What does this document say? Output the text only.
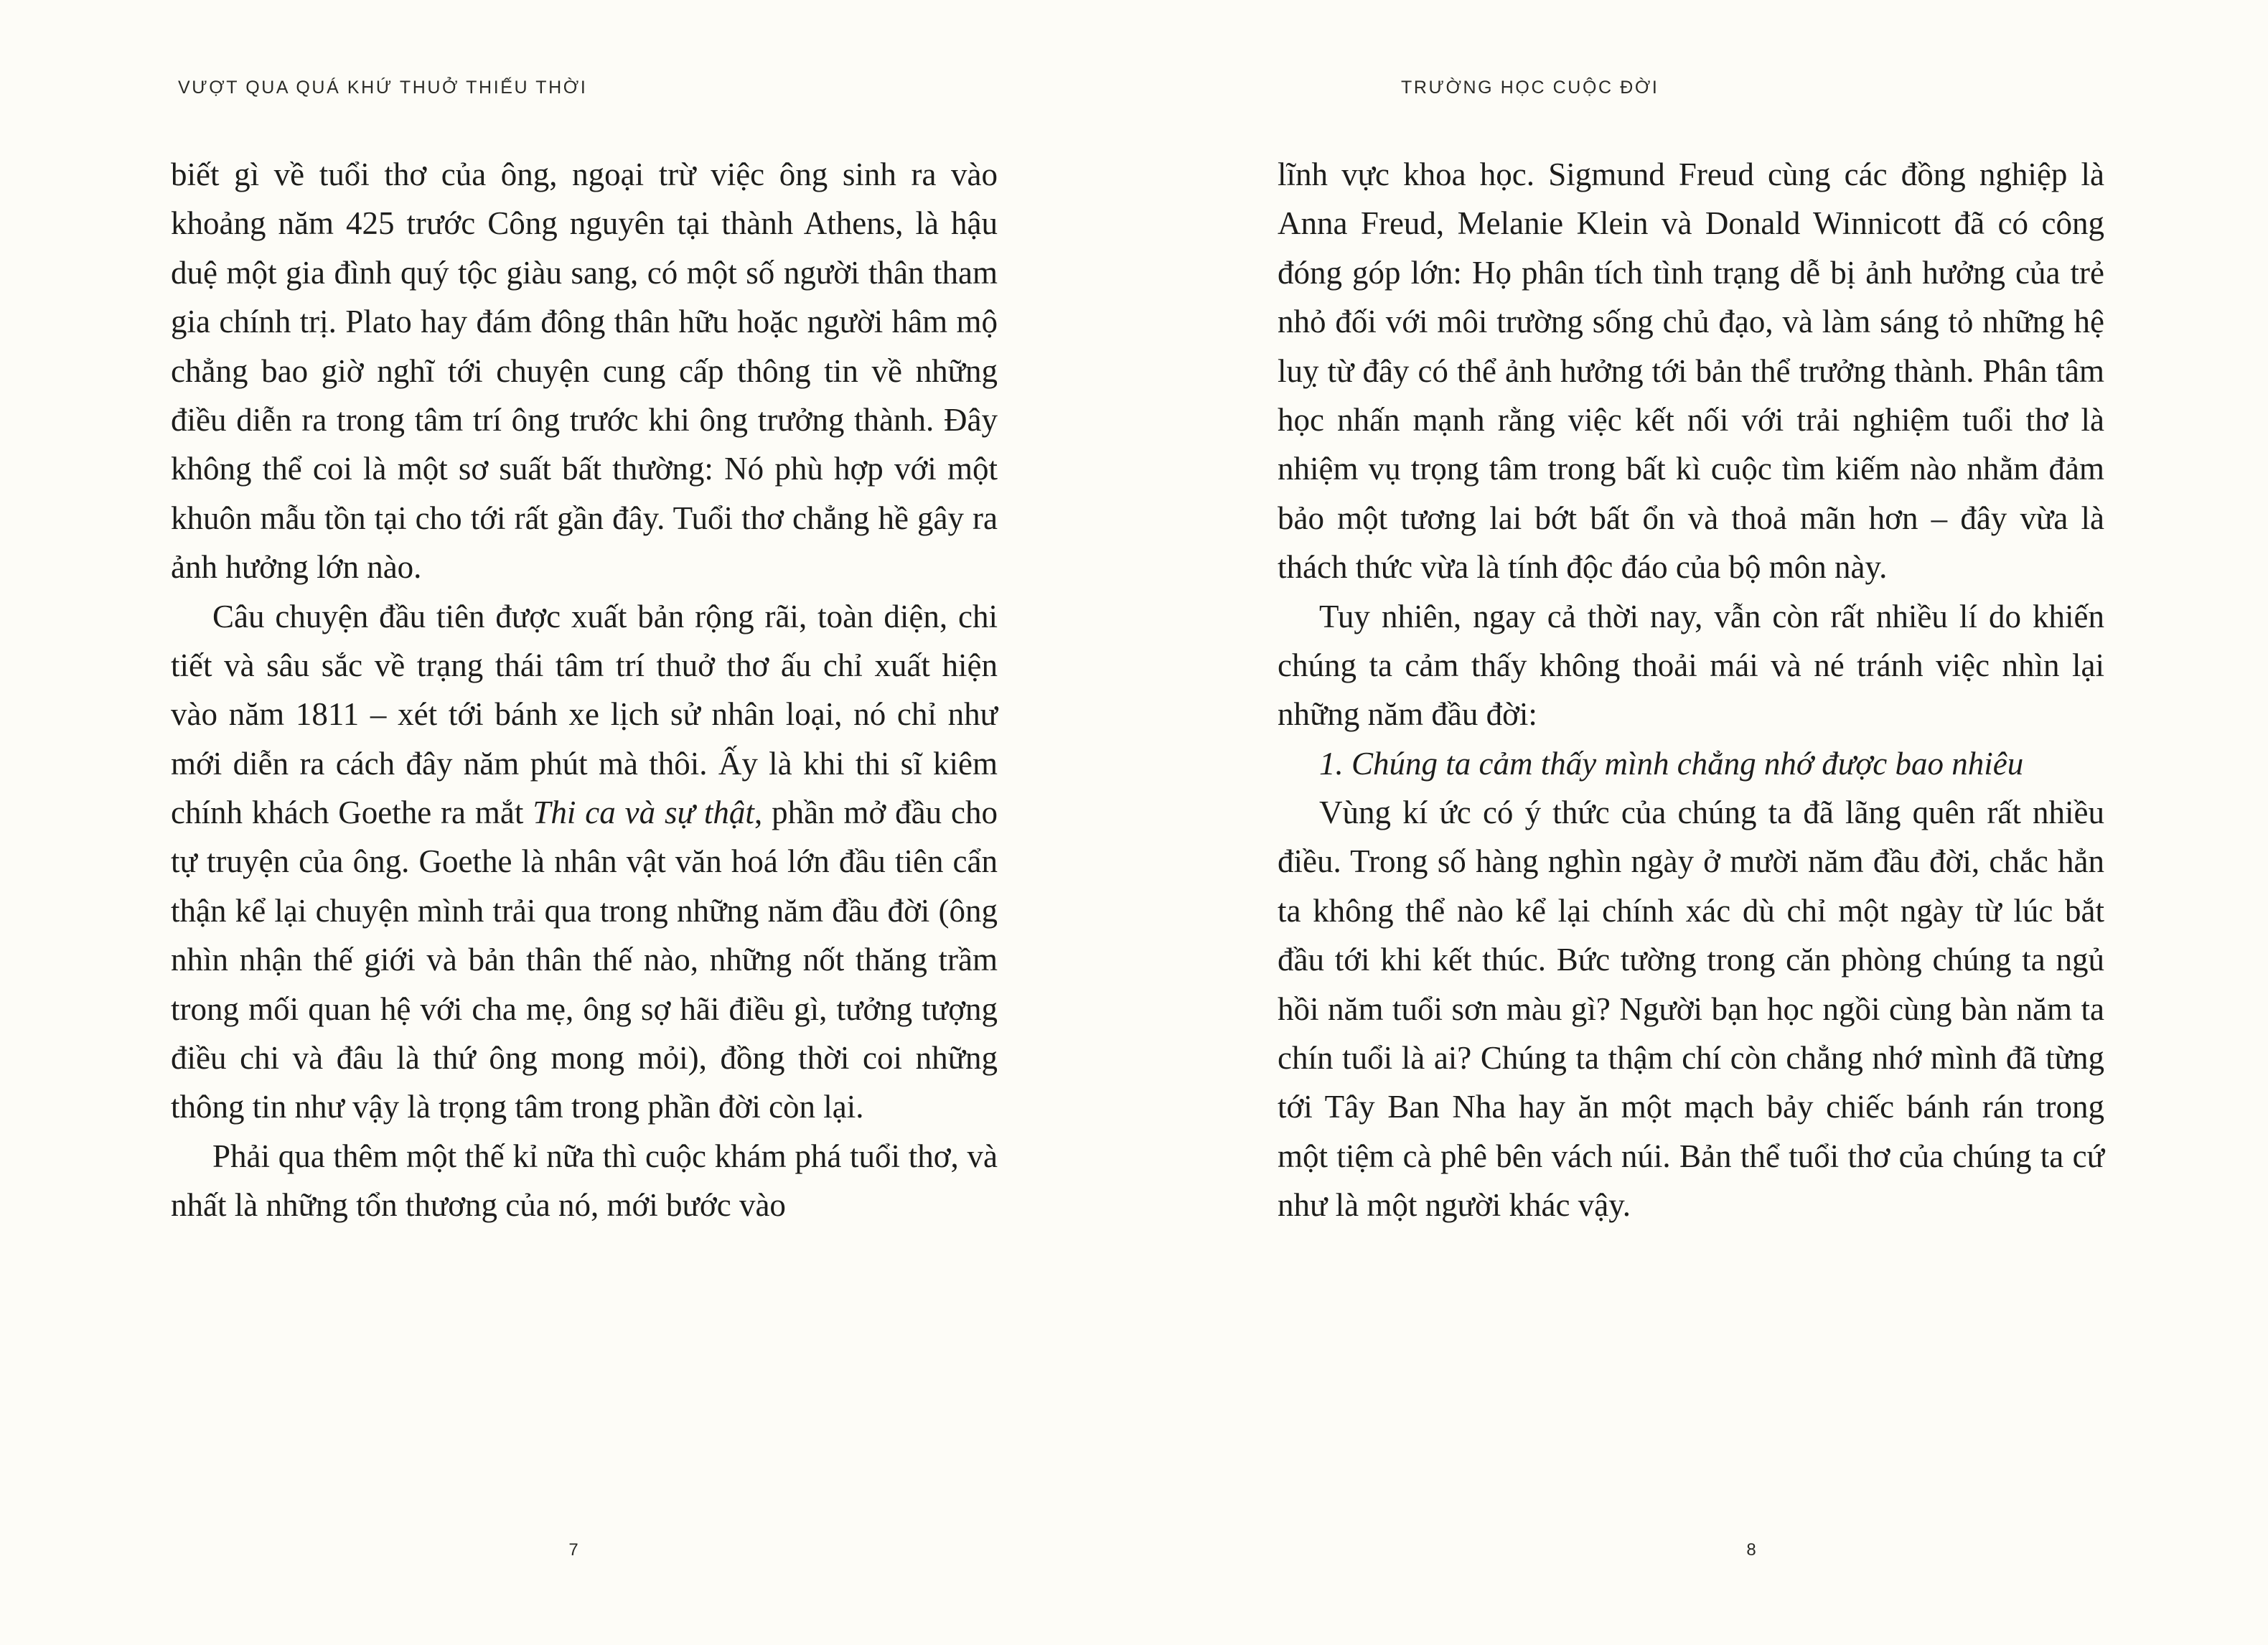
VƯỢT QUA QUÁ KHỨ THUỞ THIẾU THỜI

biết gì về tuổi thơ của ông, ngoại trừ việc ông sinh ra vào khoảng năm 425 trước Công nguyên tại thành Athens, là hậu duệ một gia đình quý tộc giàu sang, có một số người thân tham gia chính trị. Plato hay đám đông thân hữu hoặc người hâm mộ chẳng bao giờ nghĩ tới chuyện cung cấp thông tin về những điều diễn ra trong tâm trí ông trước khi ông trưởng thành. Đây không thể coi là một sơ suất bất thường: Nó phù hợp với một khuôn mẫu tồn tại cho tới rất gần đây. Tuổi thơ chẳng hề gây ra ảnh hưởng lớn nào.

Câu chuyện đầu tiên được xuất bản rộng rãi, toàn diện, chi tiết và sâu sắc về trạng thái tâm trí thuở thơ ấu chỉ xuất hiện vào năm 1811 – xét tới bánh xe lịch sử nhân loại, nó chỉ như mới diễn ra cách đây năm phút mà thôi. Ấy là khi thi sĩ kiêm chính khách Goethe ra mắt Thi ca và sự thật, phần mở đầu cho tự truyện của ông. Goethe là nhân vật văn hoá lớn đầu tiên cẩn thận kể lại chuyện mình trải qua trong những năm đầu đời (ông nhìn nhận thế giới và bản thân thế nào, những nốt thăng trầm trong mối quan hệ với cha mẹ, ông sợ hãi điều gì, tưởng tượng điều chi và đâu là thứ ông mong mỏi), đồng thời coi những thông tin như vậy là trọng tâm trong phần đời còn lại.

Phải qua thêm một thế kỉ nữa thì cuộc khám phá tuổi thơ, và nhất là những tổn thương của nó, mới bước vào

7
TRƯỜNG HỌC CUỘC ĐỜI

lĩnh vực khoa học. Sigmund Freud cùng các đồng nghiệp là Anna Freud, Melanie Klein và Donald Winnicott đã có công đóng góp lớn: Họ phân tích tình trạng dễ bị ảnh hưởng của trẻ nhỏ đối với môi trường sống chủ đạo, và làm sáng tỏ những hệ luỵ từ đây có thể ảnh hưởng tới bản thể trưởng thành. Phân tâm học nhấn mạnh rằng việc kết nối với trải nghiệm tuổi thơ là nhiệm vụ trọng tâm trong bất kì cuộc tìm kiếm nào nhằm đảm bảo một tương lai bớt bất ổn và thoả mãn hơn – đây vừa là thách thức vừa là tính độc đáo của bộ môn này.

Tuy nhiên, ngay cả thời nay, vẫn còn rất nhiều lí do khiến chúng ta cảm thấy không thoải mái và né tránh việc nhìn lại những năm đầu đời:

1. Chúng ta cảm thấy mình chẳng nhớ được bao nhiêu

Vùng kí ức có ý thức của chúng ta đã lãng quên rất nhiều điều. Trong số hàng nghìn ngày ở mười năm đầu đời, chắc hẳn ta không thể nào kể lại chính xác dù chỉ một ngày từ lúc bắt đầu tới khi kết thúc. Bức tường trong căn phòng chúng ta ngủ hồi năm tuổi sơn màu gì? Người bạn học ngồi cùng bàn năm ta chín tuổi là ai? Chúng ta thậm chí còn chẳng nhớ mình đã từng tới Tây Ban Nha hay ăn một mạch bảy chiếc bánh rán trong một tiệm cà phê bên vách núi. Bản thể tuổi thơ của chúng ta cứ như là một người khác vậy.

8
